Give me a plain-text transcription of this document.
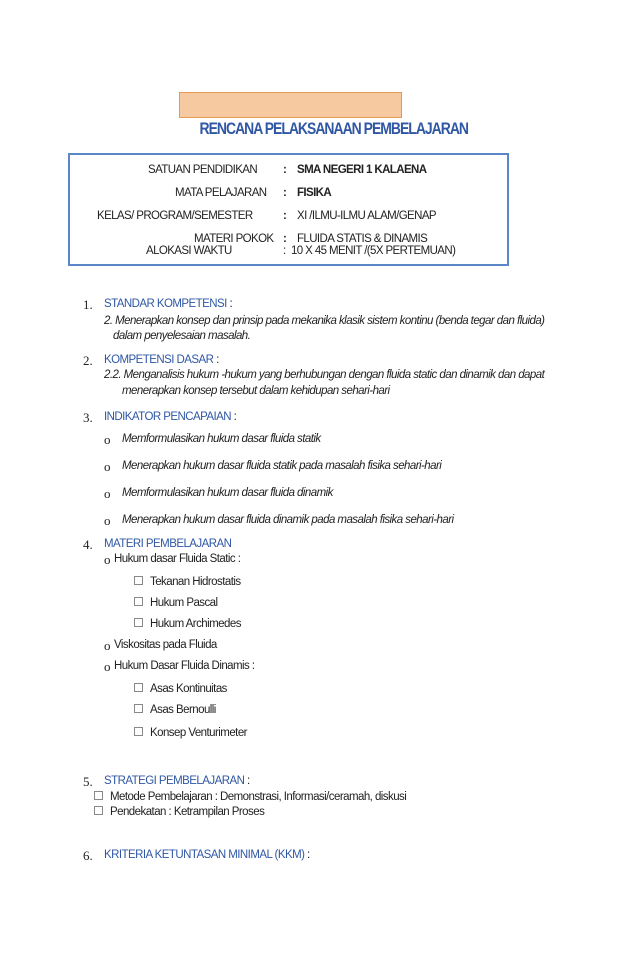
RENCANA PELAKSANAAN PEMBELAJARAN
SATUAN PENDIDIKAN : SMA NEGERI 1 KALAENA
MATA PELAJARAN : FISIKA
KELAS/ PROGRAM/SEMESTER	: XI /ILMU-ILMU ALAM/GENAP
MATERI POKOK : FLUIDA STATIS & DINAMIS
ALOKASI WAKTU	: 10 X 45 MENIT /(5X PERTEMUAN)
1. STANDAR KOMPETENSI :
2. Menerapkan konsep dan prinsip pada mekanika klasik sistem kontinu (benda tegar dan fluida)
dalam penyelesaian masalah.
2. KOMPETENSI DASAR :
2.2. Menganalisis hukum -hukum yang berhubungan dengan fluida static dan dinamik dan dapat
menerapkan konsep tersebut dalam kehidupan sehari-hari
3. INDIKATOR PENCAPAIAN :
o Memformulasikan hukum dasar fluida statik
o Menerapkan hukum dasar fluida statik pada masalah fisika sehari-hari
o Memformulasikan hukum dasar fluida dinamik
o Menerapkan hukum dasar fluida dinamik pada masalah fisika sehari-hari
4. MATERI PEMBELAJARAN
o Hukum dasar Fluida Static :
Tekanan Hidrostatis
Hukum Pascal
Hukum Archimedes
o Viskositas pada Fluida
o Hukum Dasar Fluida Dinamis :
Asas Kontinuitas
Asas Bernoulli
Konsep Venturimeter
5. STRATEGI PEMBELAJARAN :
Metode Pembelajaran : Demonstrasi, Informasi/ceramah, diskusi
Pendekatan : Ketrampilan Proses
6. KRITERIA KETUNTASAN MINIMAL (KKM) :
